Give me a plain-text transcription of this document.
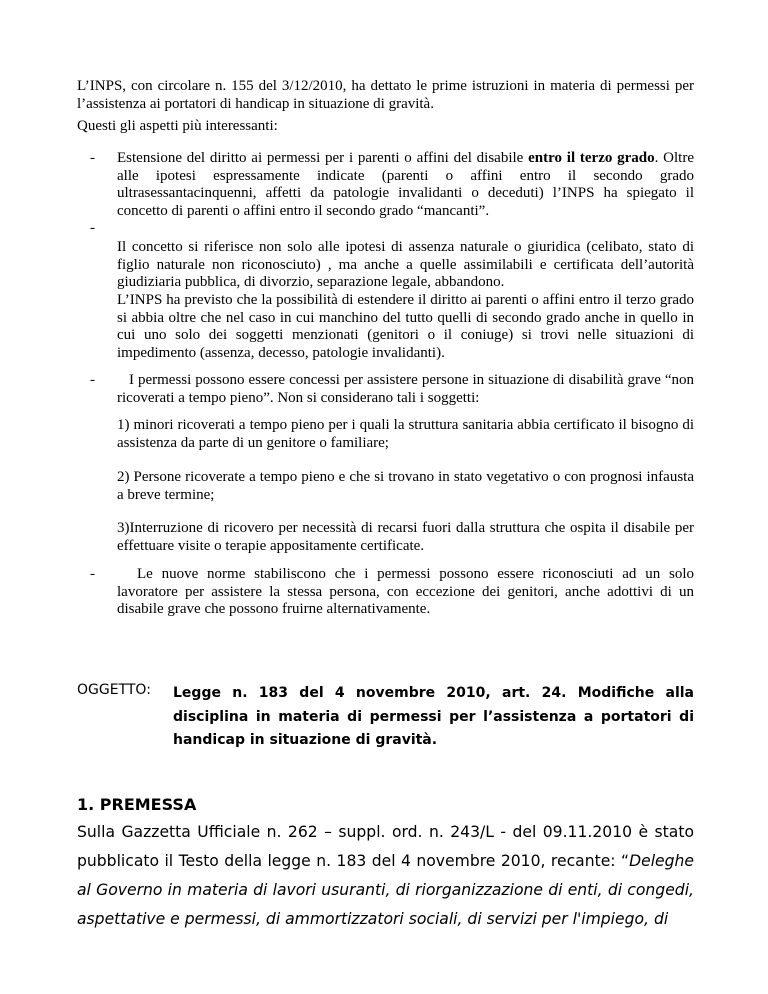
L’INPS, con circolare n. 155 del 3/12/2010, ha dettato le prime istruzioni in materia di permessi per l’assistenza ai portatori di handicap in situazione di gravità.

Questi gli aspetti più interessanti:

- Estensione del diritto ai permessi per i parenti o affini del disabile entro il terzo grado. Oltre alle ipotesi espressamente indicate (parenti o affini entro il secondo grado ultrasessantacinquenni, affetti da patologie invalidanti o deceduti) l’INPS ha spiegato il concetto di parenti o affini entro il secondo grado “mancanti”.

-

Il concetto si riferisce non solo alle ipotesi di assenza naturale o giuridica (celibato, stato di figlio naturale non riconosciuto) , ma anche a quelle assimilabili e certificata dell’autorità giudiziaria pubblica, di divorzio, separazione legale, abbandono.

L’INPS ha previsto che la possibilità di estendere il diritto ai parenti o affini entro il terzo grado si abbia oltre che nel caso in cui manchino del tutto quelli di secondo grado anche in quello in cui uno solo dei soggetti menzionati (genitori o il coniuge) si trovi nelle situazioni di impedimento (assenza, decesso, patologie invalidanti).

-	I permessi possono essere concessi per assistere persone in situazione di disabilità grave “non ricoverati a tempo pieno”. Non si considerano tali i soggetti:

1) minori ricoverati a tempo pieno per i quali la struttura sanitaria abbia certificato il bisogno di assistenza da parte di un genitore o familiare;

2) Persone ricoverate a tempo pieno e che si trovano in stato vegetativo o con prognosi infausta a breve termine;

3)Interruzione di ricovero per necessità di recarsi fuori dalla struttura che ospita il disabile per effettuare visite o terapie appositamente certificate.

-	Le nuove norme stabiliscono che i permessi possono essere riconosciuti ad un solo lavoratore per assistere la stessa persona, con eccezione dei genitori, anche adottivi di un disabile grave che possono fruirne alternativamente.

OGGETTO: Legge n. 183 del 4 novembre 2010, art. 24. Modifiche alla disciplina in materia di permessi per l’assistenza a portatori di handicap in situazione di gravità.

1. PREMESSA

Sulla Gazzetta Ufficiale n. 262 – suppl. ord. n. 243/L - del 09.11.2010 è stato pubblicato il Testo della legge n. 183 del 4 novembre 2010, recante: “Deleghe al Governo in materia di lavori usuranti, di riorganizzazione di enti, di congedi, aspettative e permessi, di ammortizzatori sociali, di servizi per l'impiego, di
